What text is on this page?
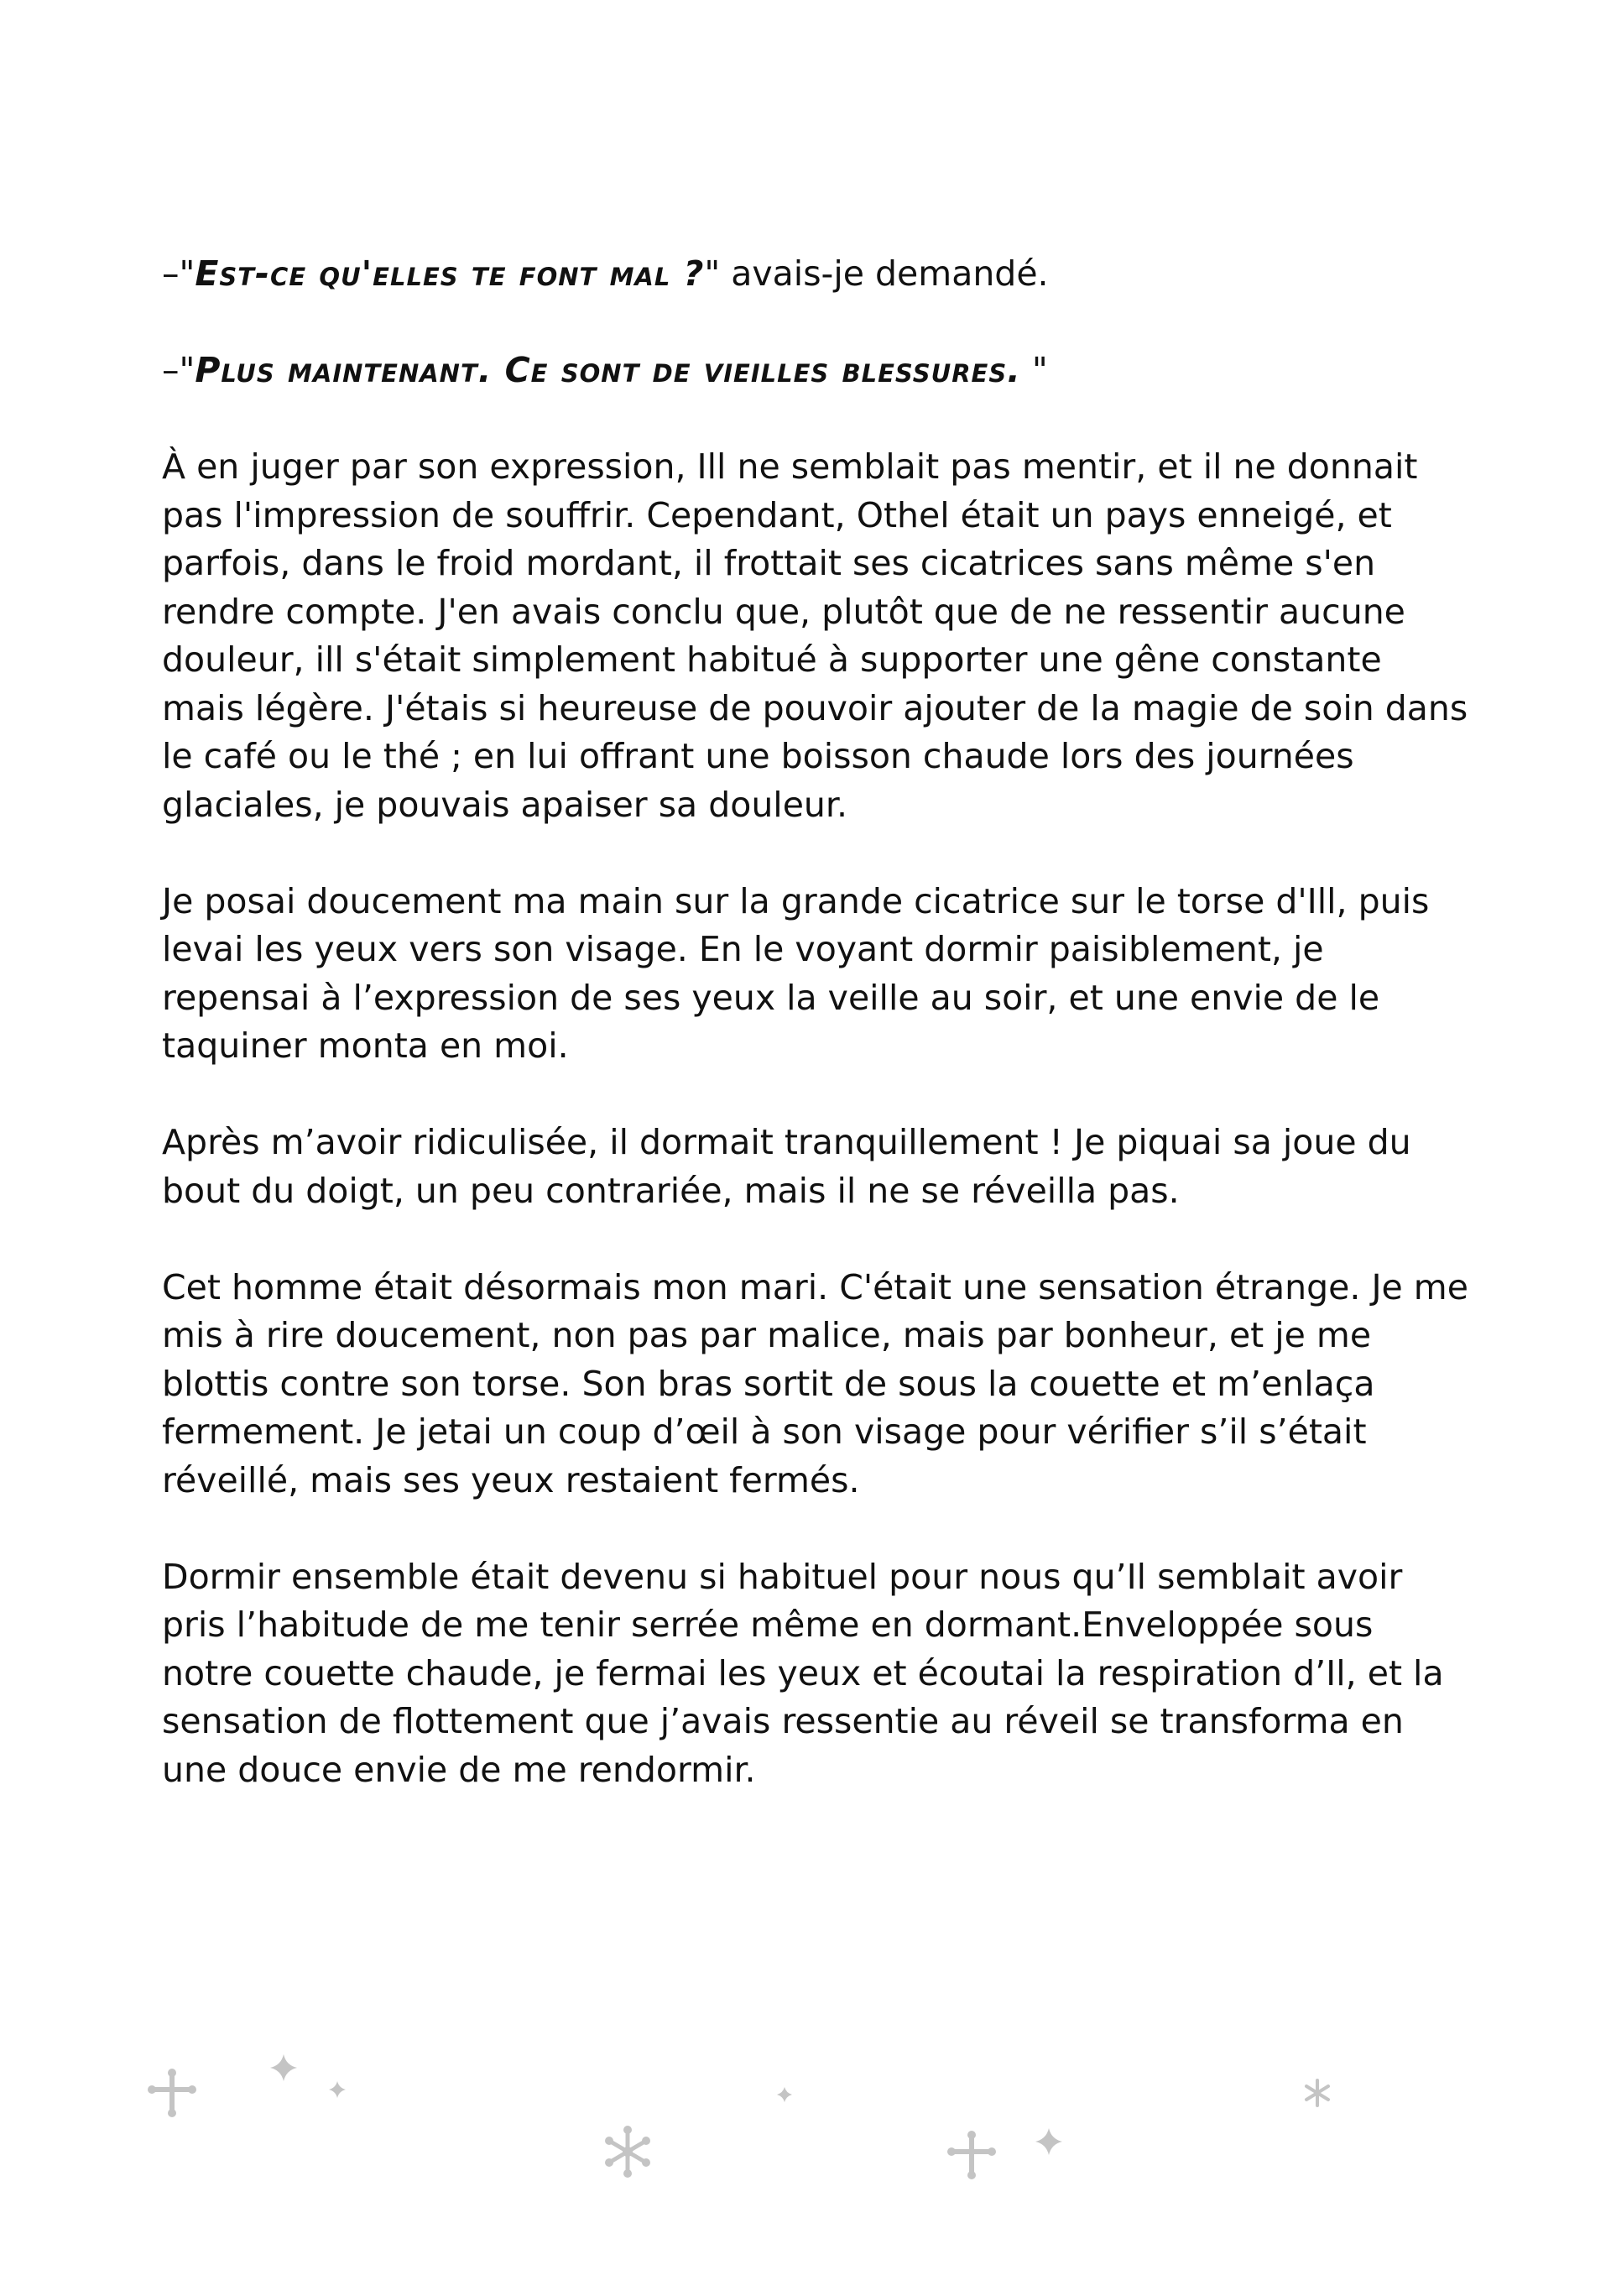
–"Est-ce qu'elles te font mal ?" avais-je demandé.

–"Plus maintenant. Ce sont de vieilles blessures. "

À en juger par son expression, Ill ne semblait pas mentir, et il ne donnait pas l'impression de souffrir. Cependant, Othel était un pays enneigé, et parfois, dans le froid mordant, il frottait ses cicatrices sans même s'en rendre compte. J'en avais conclu que, plutôt que de ne ressentir aucune douleur, ill s'était simplement habitué à supporter une gêne constante mais légère. J'étais si heureuse de pouvoir ajouter de la magie de soin dans le café ou le thé ; en lui offrant une boisson chaude lors des journées glaciales, je pouvais apaiser sa douleur.

Je posai doucement ma main sur la grande cicatrice sur le torse d'Ill, puis levai les yeux vers son visage. En le voyant dormir paisiblement, je repensai à l’expression de ses yeux la veille au soir, et une envie de le taquiner monta en moi.

Après m’avoir ridiculisée, il dormait tranquillement ! Je piquai sa joue du bout du doigt, un peu contrariée, mais il ne se réveilla pas.

Cet homme était désormais mon mari. C'était une sensation étrange. Je me mis à rire doucement, non pas par malice, mais par bonheur, et je me blottis contre son torse. Son bras sortit de sous la couette et m’enlaça fermement. Je jetai un coup d’œil à son visage pour vérifier s’il s’était réveillé, mais ses yeux restaient fermés.

Dormir ensemble était devenu si habituel pour nous qu’Il semblait avoir pris l’habitude de me tenir serrée même en dormant.Enveloppée sous notre couette chaude, je fermai les yeux et écoutai la respiration d’Il, et la sensation de flottement que j’avais ressentie au réveil se transforma en une douce envie de me rendormir.
